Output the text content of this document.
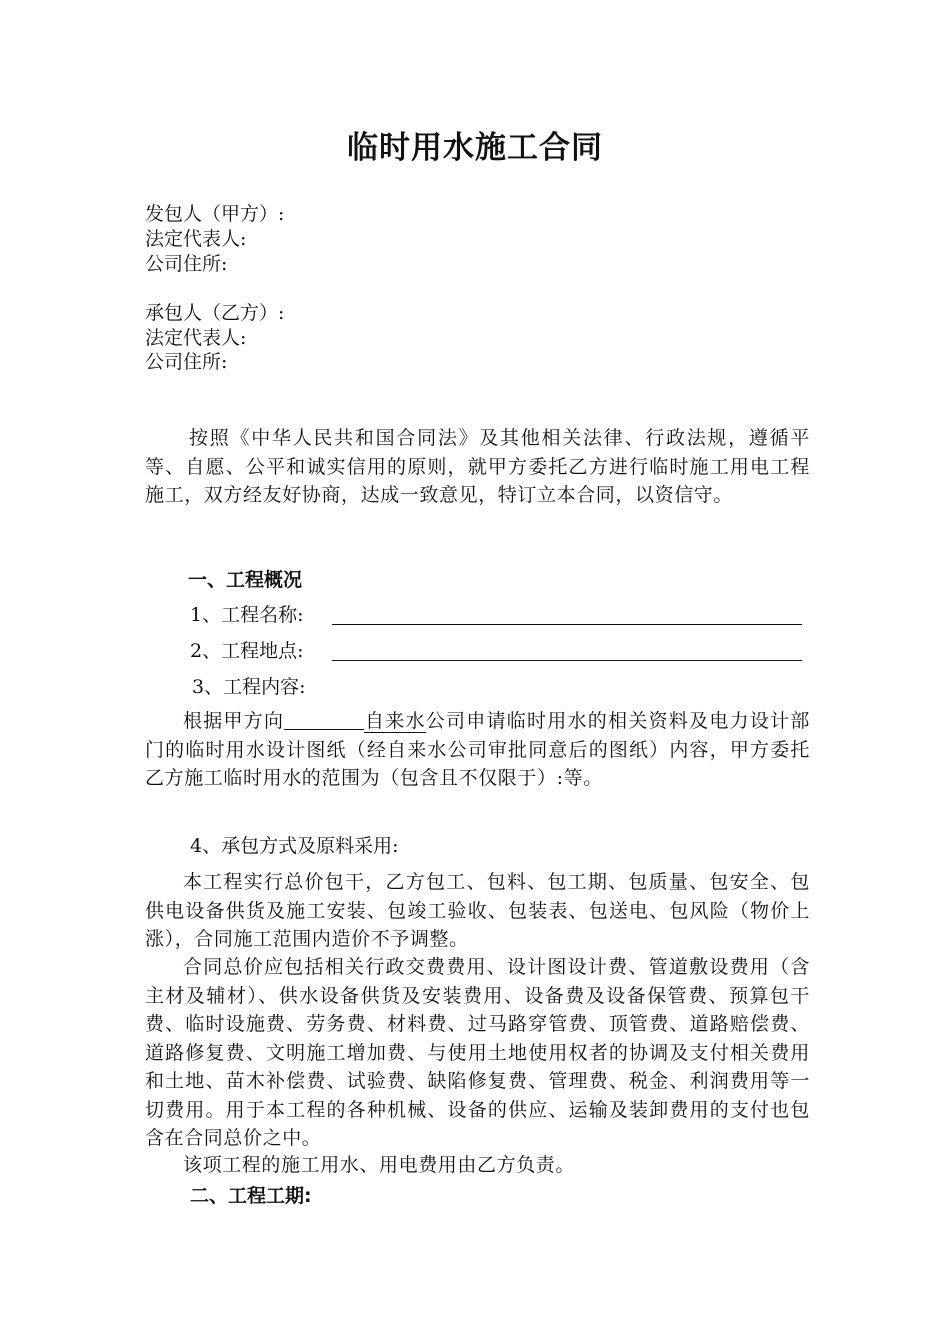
临时用水施工合同
发包人（甲方）:
法定代表人:
公司住所:
承包人（乙方）:
法定代表人:
公司住所:
按照《中华人民共和国合同法》及其他相关法律、行政法规，遵循平等、自愿、公平和诚实信用的原则，就甲方委托乙方进行临时施工用电工程施工，双方经友好协商，达成一致意见，特订立本合同，以资信守。
一、工程概况
1、工程名称:
2、工程地点:
3、工程内容:
根据甲方向	自来水公司申请临时用水的相关资料及电力设计部门的临时用水设计图纸（经自来水公司审批同意后的图纸）内容，甲方委托乙方施工临时用水的范围为（包含且不仅限于）:等。
4、承包方式及原料采用:
本工程实行总价包干，乙方包工、包料、包工期、包质量、包安全、包供电设备供货及施工安装、包竣工验收、包装表、包送电、包风险（物价上涨），合同施工范围内造价不予调整。
合同总价应包括相关行政交费费用、设计图设计费、管道敷设费用（含主材及辅材）、供水设备供货及安装费用、设备费及设备保管费、预算包干费、临时设施费、劳务费、材料费、过马路穿管费、顶管费、道路赔偿费、道路修复费、文明施工增加费、与使用土地使用权者的协调及支付相关费用和土地、苗木补偿费、试验费、缺陷修复费、管理费、税金、利润费用等一切费用。用于本工程的各种机械、设备的供应、运输及装卸费用的支付也包含在合同总价之中。
该项工程的施工用水、用电费用由乙方负责。
二、工程工期:
